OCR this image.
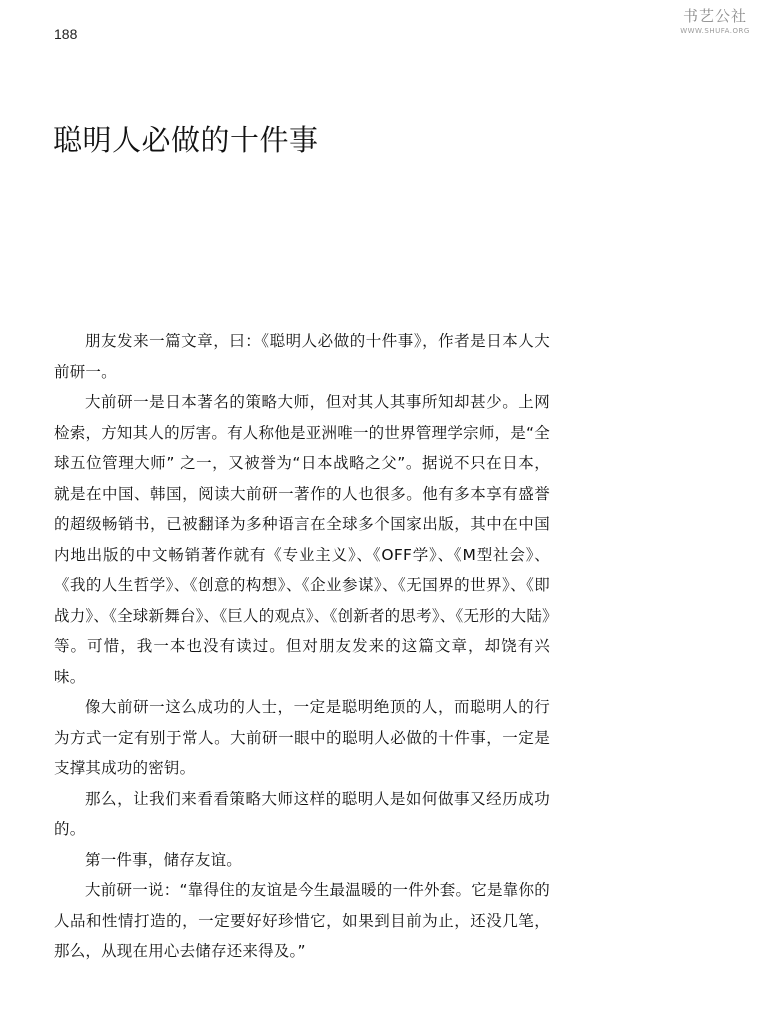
188
书艺公社
WWW.SHUFA.ORG
聪明人必做的十件事

朋友发来一篇文章，曰：《聪明人必做的十件事》，作者是日本人大前研一。

大前研一是日本著名的策略大师，但对其人其事所知却甚少。上网检索，方知其人的厉害。有人称他是亚洲唯一的世界管理学宗师，是“全球五位管理大师” 之一，又被誉为“日本战略之父”。据说不只在日本，就是在中国、韩国，阅读大前研一著作的人也很多。他有多本享有盛誉的超级畅销书，已被翻译为多种语言在全球多个国家出版，其中在中国内地出版的中文畅销著作就有《专业主义》、《OFF学》、《M型社会》、《我的人生哲学》、《创意的构想》、《企业参谋》、《无国界的世界》、《即战力》、《全球新舞台》、《巨人的观点》、《创新者的思考》、《无形的大陆》等。可惜，我一本也没有读过。但对朋友发来的这篇文章，却饶有兴味。

像大前研一这么成功的人士，一定是聪明绝顶的人，而聪明人的行为方式一定有别于常人。大前研一眼中的聪明人必做的十件事，一定是支撑其成功的密钥。

那么，让我们来看看策略大师这样的聪明人是如何做事又经历成功的。

第一件事，储存友谊。

大前研一说：“靠得住的友谊是今生最温暖的一件外套。它是靠你的人品和性情打造的，一定要好好珍惜它，如果到目前为止，还没几笔，那么，从现在用心去储存还来得及。”
